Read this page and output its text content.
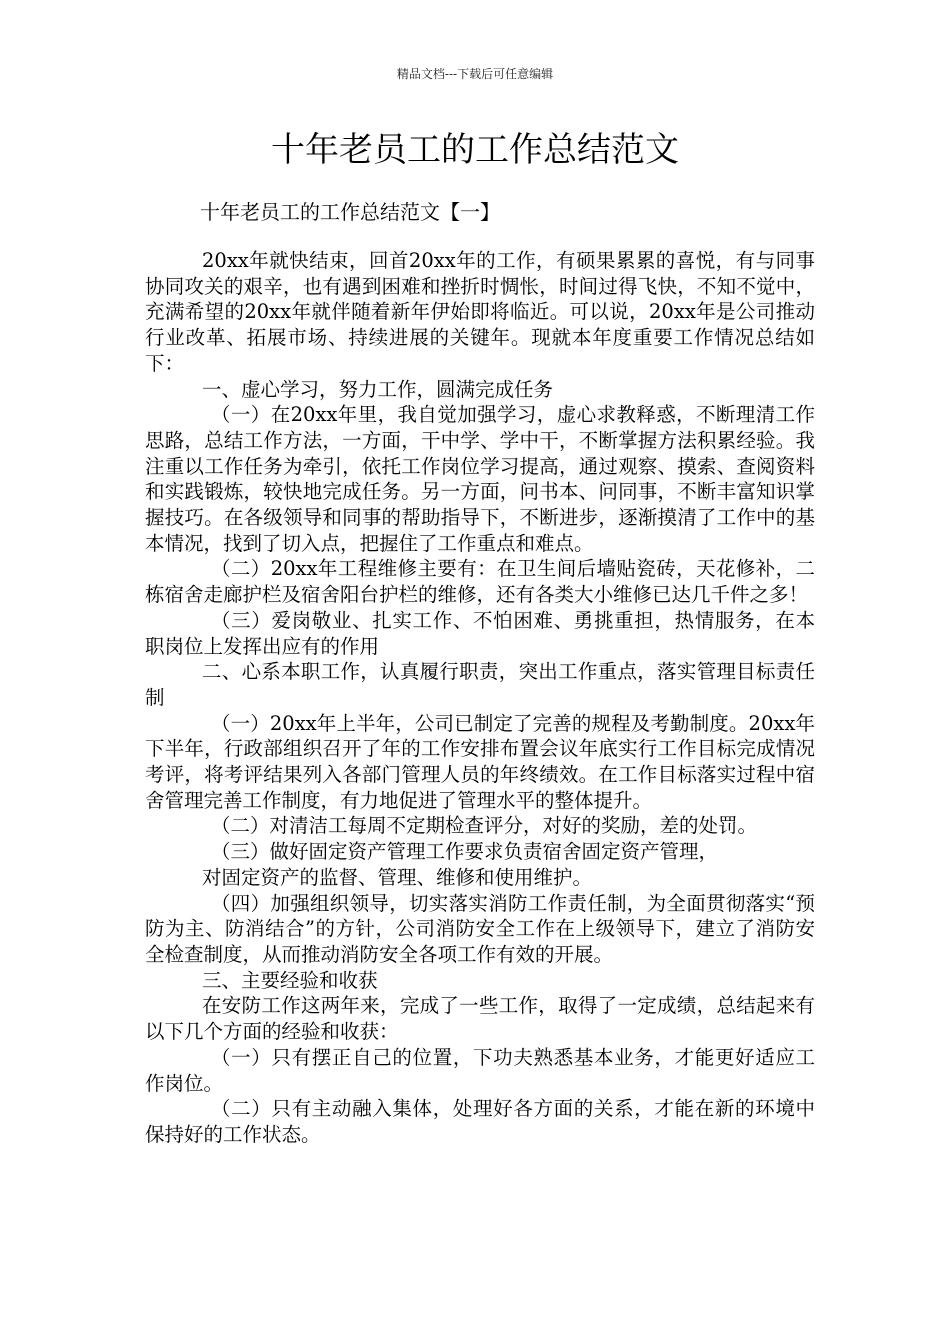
精品文档---下载后可任意编辑
十年老员工的工作总结范文
十年老员工的工作总结范文【一】

20xx年就快结束，回首20xx年的工作，有硕果累累的喜悦，有与同事协同攻关的艰辛，也有遇到困难和挫折时惆怅，时间过得飞快，不知不觉中，充满希望的20xx年就伴随着新年伊始即将临近。可以说，20xx年是公司推动行业改革、拓展市场、持续进展的关键年。现就本年度重要工作情况总结如下：

一、虚心学习，努力工作，圆满完成任务

（一）在20xx年里，我自觉加强学习，虚心求教释惑，不断理清工作思路，总结工作方法，一方面，干中学、学中干，不断掌握方法积累经验。我注重以工作任务为牵引，依托工作岗位学习提高，通过观察、摸索、查阅资料和实践锻炼，较快地完成任务。另一方面，问书本、问同事，不断丰富知识掌握技巧。在各级领导和同事的帮助指导下，不断进步，逐渐摸清了工作中的基本情况，找到了切入点，把握住了工作重点和难点。

（二）20xx年工程维修主要有：在卫生间后墙贴瓷砖，天花修补，二栋宿舍走廊护栏及宿舍阳台护栏的维修，还有各类大小维修已达几千件之多！

（三）爱岗敬业、扎实工作、不怕困难、勇挑重担，热情服务，在本职岗位上发挥出应有的作用

二、心系本职工作，认真履行职责，突出工作重点，落实管理目标责任制

（一）20xx年上半年，公司已制定了完善的规程及考勤制度。20xx年下半年，行政部组织召开了年的工作安排布置会议年底实行工作目标完成情况考评，将考评结果列入各部门管理人员的年终绩效。在工作目标落实过程中宿舍管理完善工作制度，有力地促进了管理水平的整体提升。

（二）对清洁工每周不定期检查评分，对好的奖励，差的处罚。

（三）做好固定资产管理工作要求负责宿舍固定资产管理，

对固定资产的监督、管理、维修和使用维护。

（四）加强组织领导，切实落实消防工作责任制，为全面贯彻落实“预防为主、防消结合”的方针，公司消防安全工作在上级领导下，建立了消防安全检查制度，从而推动消防安全各项工作有效的开展。

三、主要经验和收获

在安防工作这两年来，完成了一些工作，取得了一定成绩，总结起来有以下几个方面的经验和收获：

（一）只有摆正自己的位置，下功夫熟悉基本业务，才能更好适应工作岗位。

（二）只有主动融入集体，处理好各方面的关系，才能在新的环境中保持好的工作状态。
